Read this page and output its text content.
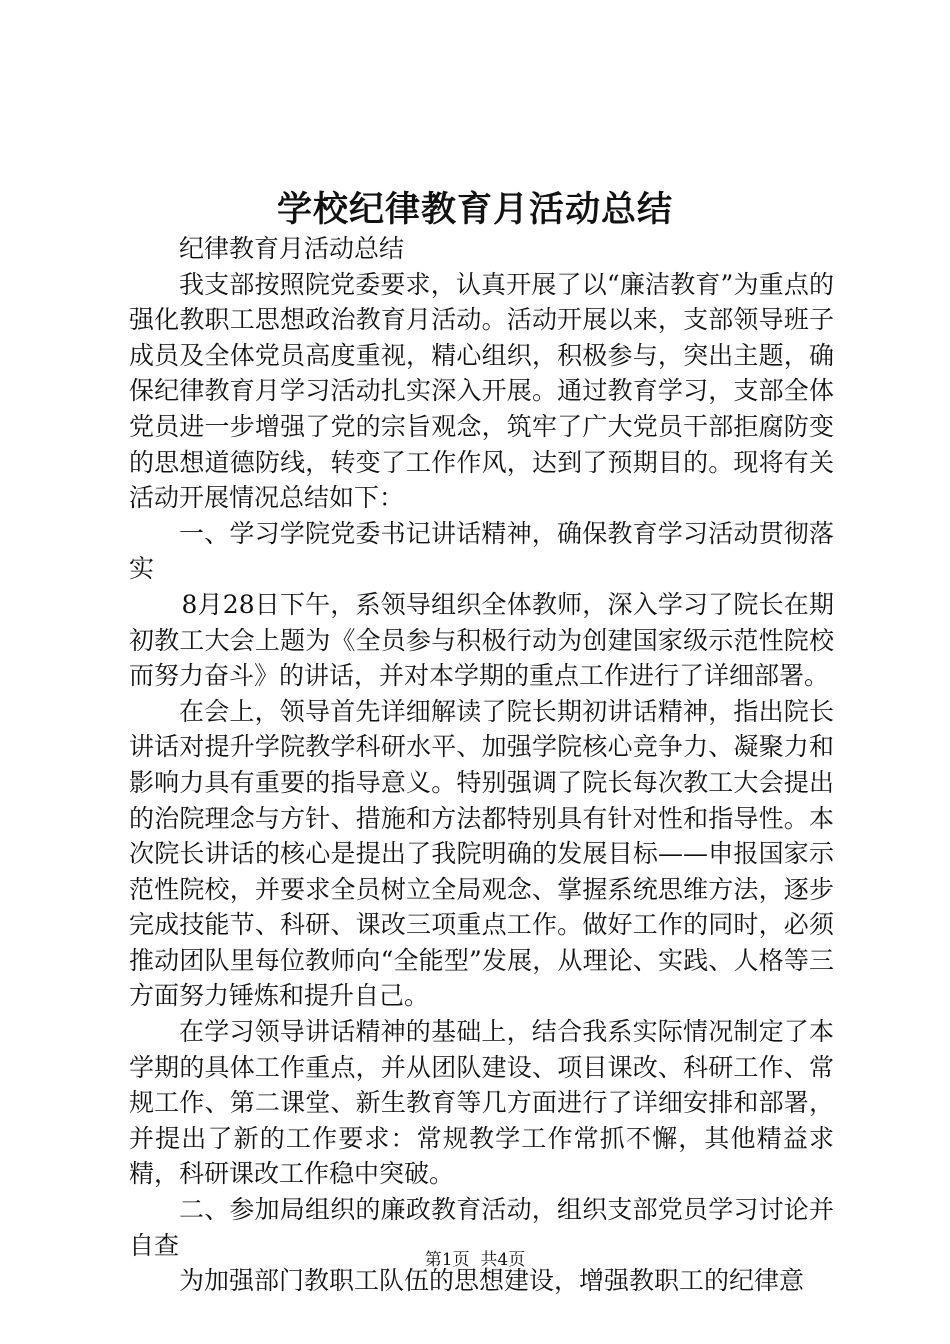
学校纪律教育月活动总结

纪律教育月活动总结

我支部按照院党委要求，认真开展了以“廉洁教育”为重点的强化教职工思想政治教育月活动。活动开展以来，支部领导班子成员及全体党员高度重视，精心组织，积极参与，突出主题，确保纪律教育月学习活动扎实深入开展。通过教育学习，支部全体党员进一步增强了党的宗旨观念，筑牢了广大党员干部拒腐防变的思想道德防线，转变了工作作风，达到了预期目的。现将有关活动开展情况总结如下：

一、学习学院党委书记讲话精神，确保教育学习活动贯彻落实

8月28日下午，系领导组织全体教师，深入学习了院长在期初教工大会上题为《全员参与积极行动为创建国家级示范性院校而努力奋斗》的讲话，并对本学期的重点工作进行了详细部署。

在会上，领导首先详细解读了院长期初讲话精神，指出院长讲话对提升学院教学科研水平、加强学院核心竞争力、凝聚力和影响力具有重要的指导意义。特别强调了院长每次教工大会提出的治院理念与方针、措施和方法都特别具有针对性和指导性。本次院长讲话的核心是提出了我院明确的发展目标——申报国家示范性院校，并要求全员树立全局观念、掌握系统思维方法，逐步完成技能节、科研、课改三项重点工作。做好工作的同时，必须推动团队里每位教师向“全能型”发展，从理论、实践、人格等三方面努力锤炼和提升自己。

在学习领导讲话精神的基础上，结合我系实际情况制定了本学期的具体工作重点，并从团队建设、项目课改、科研工作、常规工作、第二课堂、新生教育等几方面进行了详细安排和部署，并提出了新的工作要求：常规教学工作常抓不懈，其他精益求精，科研课改工作稳中突破。

二、参加局组织的廉政教育活动，组织支部党员学习讨论并自查

为加强部门教职工队伍的思想建设，增强教职工的纪律意

第1页 共4页
